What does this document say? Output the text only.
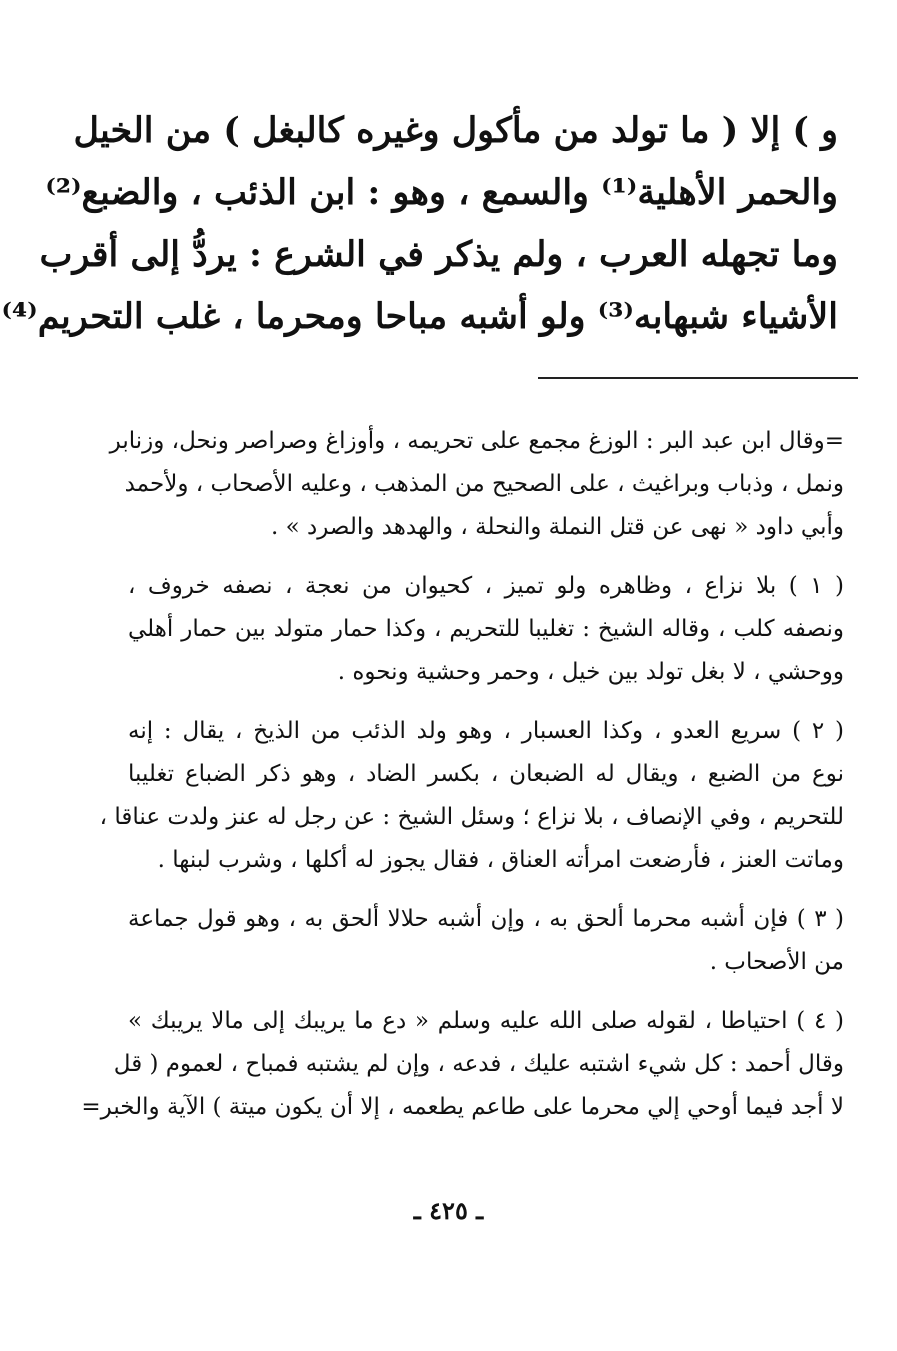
و ) إلا ( ما تولد من مأكول وغيره كالبغل ) من الخيل
والحمر الأهلية⁽¹⁾ والسمع ، وهو : ابن الذئب ، والضبع⁽²⁾
وما تجهله العرب ، ولم يذكر في الشرع : يردُّ إلى أقرب
الأشياء شبهابه⁽³⁾ ولو أشبه مباحا ومحرما ، غلب التحريم⁽⁴⁾
=وقال ابن عبد البر : الوزغ مجمع على تحريمه ، وأوزاغ وصراصر ونحل، وزنابر
ونمل ، وذباب وبراغيث ، على الصحيح من المذهب ، وعليه الأصحاب ، ولأحمد
وأبي داود « نهى عن قتل النملة والنحلة ، والهدهد والصرد » .
( ١ ) بلا نزاع ، وظاهره ولو تميز ، كحيوان من نعجة ، نصفه خروف ،
ونصفه كلب ، وقاله الشيخ : تغليبا للتحريم ، وكذا حمار متولد بين حمار أهلي
ووحشي ، لا بغل تولد بين خيل ، وحمر وحشية ونحوه .
( ٢ ) سريع العدو ، وكذا العسبار ، وهو ولد الذئب من الذيخ ، يقال : إنه
نوع من الضبع ، ويقال له الضبعان ، بكسر الضاد ، وهو ذكر الضباع تغليبا
للتحريم ، وفي الإنصاف ، بلا نزاع ؛ وسئل الشيخ : عن رجل له عنز ولدت عناقا ،
وماتت العنز ، فأرضعت امرأته العناق ، فقال يجوز له أكلها ، وشرب لبنها .
( ٣ ) فإن أشبه محرما ألحق به ، وإن أشبه حلالا ألحق به ، وهو قول جماعة
من الأصحاب .
( ٤ ) احتياطا ، لقوله صلى الله عليه وسلم « دع ما يريبك إلى مالا يريبك »
وقال أحمد : كل شيء اشتبه عليك ، فدعه ، وإن لم يشتبه فمباح ، لعموم ( قل
لا أجد فيما أوحي إلي محرما على طاعم يطعمه ، إلا أن يكون ميتة ) الآية والخبر=
ـ ٤٢٥ ـ
